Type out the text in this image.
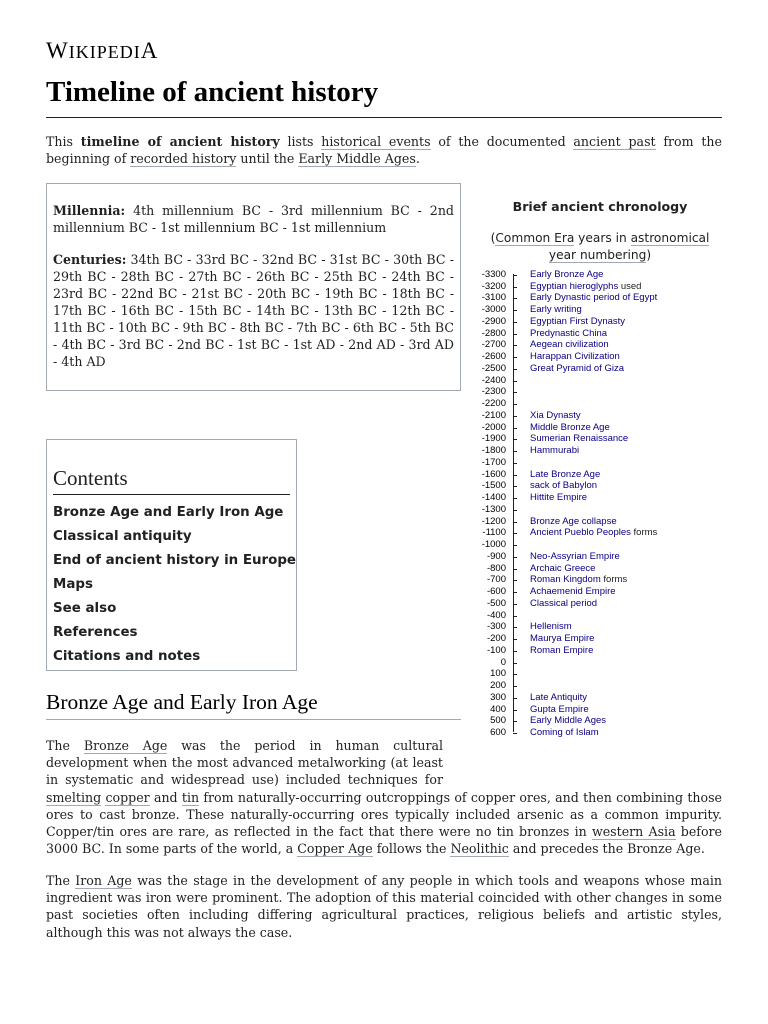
WIKIPEDIA
Timeline of ancient history

This timeline of ancient history lists historical events of the documented ancient past from the beginning of recorded history until the Early Middle Ages.

Millennia: 4th millennium BC - 3rd millennium BC - 2nd millennium BC - 1st millennium BC - 1st millennium

Centuries: 34th BC - 33rd BC - 32nd BC - 31st BC - 30th BC - 29th BC - 28th BC - 27th BC - 26th BC - 25th BC - 24th BC - 23rd BC - 22nd BC - 21st BC - 20th BC - 19th BC - 18th BC - 17th BC - 16th BC - 15th BC - 14th BC - 13th BC - 12th BC - 11th BC - 10th BC - 9th BC - 8th BC - 7th BC - 6th BC - 5th BC - 4th BC - 3rd BC - 2nd BC - 1st BC - 1st AD - 2nd AD - 3rd AD - 4th AD

Brief ancient chronology
(Common Era years in astronomical year numbering)
-3300
-3200
-3100
-3000
-2900
-2800
-2700
-2600
-2500
-2400
-2300
-2200
-2100
-2000
-1900
-1800
-1700
-1600
-1500
-1400
-1300
-1200
-1100
-1000
-900
-800
-700
-600
-500
-400
-300
-200
-100
0
100
200
300
400
500
600
Early Bronze Age
Egyptian hieroglyphs used
Early Dynastic period of Egypt
Early writing
Egyptian First Dynasty
Predynastic China
Aegean civilization
Harappan Civilization
Great Pyramid of Giza
Xia Dynasty
Middle Bronze Age
Sumerian Renaissance
Hammurabi
Late Bronze Age
sack of Babylon
Hittite Empire
Bronze Age collapse
Ancient Pueblo Peoples forms
Neo-Assyrian Empire
Archaic Greece
Roman Kingdom forms
Achaemenid Empire
Classical period
Hellenism
Maurya Empire
Roman Empire
Late Antiquity
Gupta Empire
Early Middle Ages
Coming of Islam
Contents
Bronze Age and Early Iron Age
Classical antiquity
End of ancient history in Europe
Maps
See also
References
Citations and notes
Bronze Age and Early Iron Age

The Bronze Age was the period in human cultural development when the most advanced metalworking (at least in systematic and widespread use) included techniques for smelting copper and tin from naturally-occurring outcroppings of copper ores, and then combining those ores to cast bronze. These naturally-occurring ores typically included arsenic as a common impurity. Copper/tin ores are rare, as reflected in the fact that there were no tin bronzes in western Asia before 3000 BC. In some parts of the world, a Copper Age follows the Neolithic and precedes the Bronze Age.

The Iron Age was the stage in the development of any people in which tools and weapons whose main ingredient was iron were prominent. The adoption of this material coincided with other changes in some past societies often including differing agricultural practices, religious beliefs and artistic styles, although this was not always the case.
